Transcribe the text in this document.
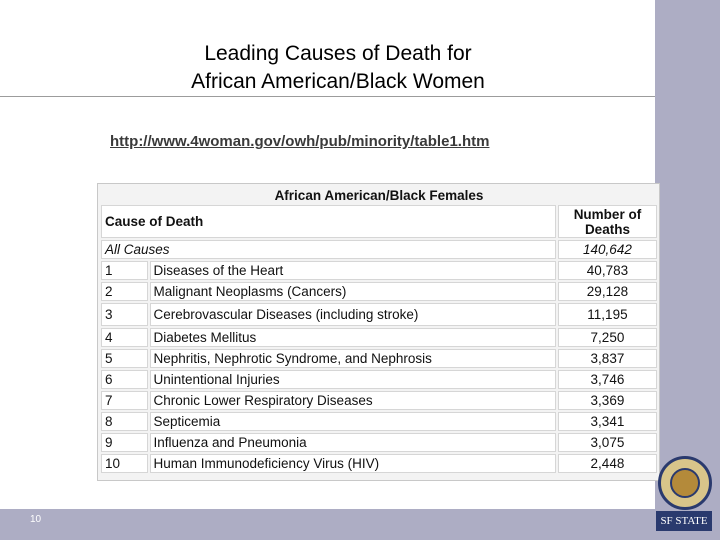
10
Leading Causes of Death for
African American/Black Women
http://www.4woman.gov/owh/pub/minority/table1.htm
African American/Black Females		
Cause of Death		Number of
Deaths

All Causes		140,642
1	Diseases of the Heart	40,783
2	Malignant Neoplasms (Cancers)	29,128
3	Cerebrovascular Diseases (including stroke)	11,195
4	Diabetes Mellitus	7,250
5	Nephritis, Nephrotic Syndrome, and Nephrosis	3,837
6	Unintentional Injuries	3,746
7	Chronic Lower Respiratory Diseases	3,369
8	Septicemia	3,341
9	Influenza and Pneumonia	3,075
10	Human Immunodeficiency Virus (HIV)	2,448
SF STATE
